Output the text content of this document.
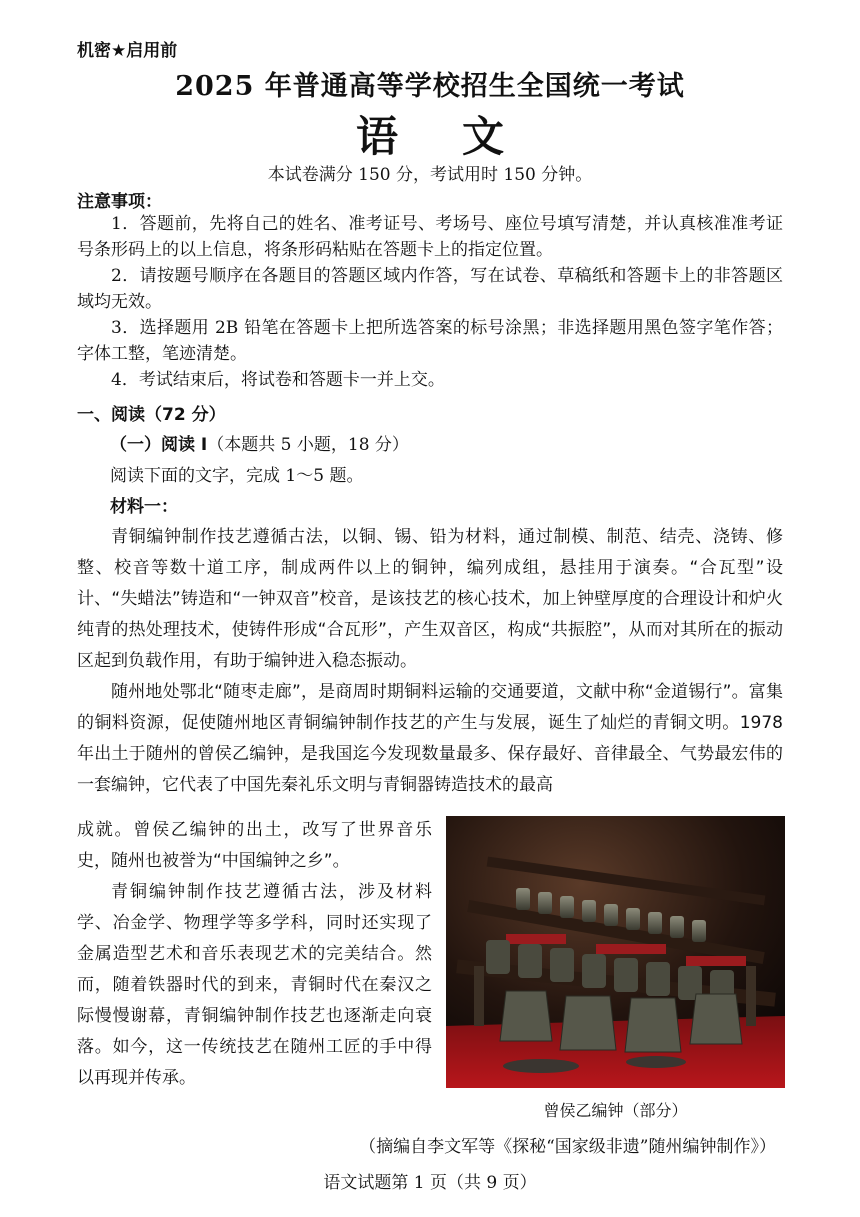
机密★启用前
2025 年普通高等学校招生全国统一考试
语 文
本试卷满分 150 分，考试用时 150 分钟。
注意事项：

1．答题前，先将自己的姓名、准考证号、考场号、座位号填写清楚，并认真核准准考证号条形码上的以上信息，将条形码粘贴在答题卡上的指定位置。

2．请按题号顺序在各题目的答题区域内作答，写在试卷、草稿纸和答题卡上的非答题区域均无效。

3．选择题用 2B 铅笔在答题卡上把所选答案的标号涂黑；非选择题用黑色签字笔作答；字体工整，笔迹清楚。

4．考试结束后，将试卷和答题卡一并上交。

一、阅读（72 分）
（一）阅读 I（本题共 5 小题，18 分）
阅读下面的文字，完成 1～5 题。
材料一：

青铜编钟制作技艺遵循古法，以铜、锡、铅为材料，通过制模、制范、结壳、浇铸、修整、校音等数十道工序，制成两件以上的铜钟，编列成组，悬挂用于演奏。“合瓦型”设计、“失蜡法”铸造和“一钟双音”校音，是该技艺的核心技术，加上钟壁厚度的合理设计和炉火纯青的热处理技术，使铸件形成“合瓦形”，产生双音区，构成“共振腔”，从而对其所在的振动区起到负载作用，有助于编钟进入稳态振动。

随州地处鄂北“随枣走廊”，是商周时期铜料运输的交通要道，文献中称“金道锡行”。富集的铜料资源，促使随州地区青铜编钟制作技艺的产生与发展，诞生了灿烂的青铜文明。1978 年出土于随州的曾侯乙编钟，是我国迄今发现数量最多、保存最好、音律最全、气势最宏伟的一套编钟，它代表了中国先秦礼乐文明与青铜器铸造技术的最高

成就。曾侯乙编钟的出土，改写了世界音乐史，随州也被誉为“中国编钟之乡”。

青铜编钟制作技艺遵循古法，涉及材料学、冶金学、物理学等多学科，同时还实现了金属造型艺术和音乐表现艺术的完美结合。然而，随着铁器时代的到来，青铜时代在秦汉之际慢慢谢幕，青铜编钟制作技艺也逐渐走向衰落。如今，这一传统技艺在随州工匠的手中得以再现并传承。

曾侯乙编钟（部分）
（摘编自李文军等《探秘“国家级非遗”随州编钟制作》）
语文试题第 1 页（共 9 页）
